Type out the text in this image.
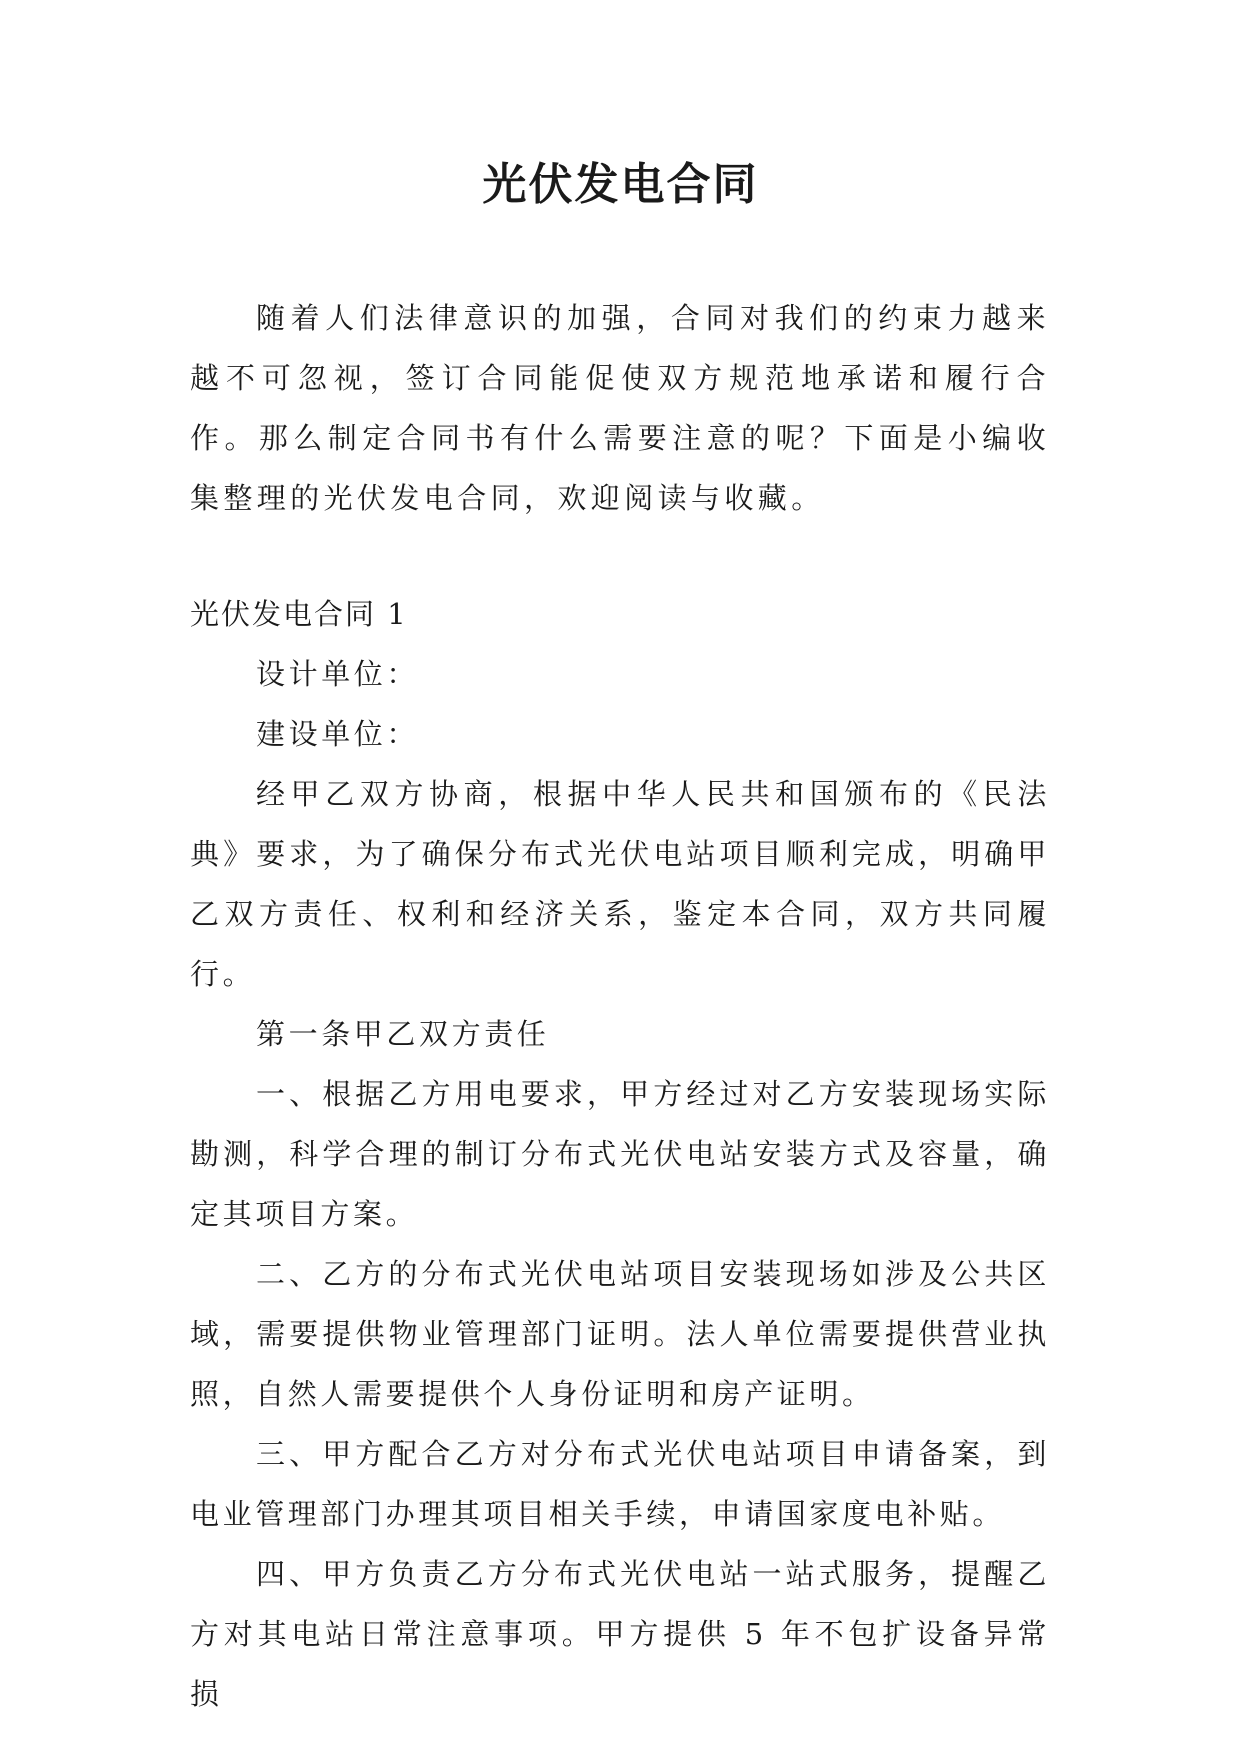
光伏发电合同

随着人们法律意识的加强，合同对我们的约束力越来越不可忽视，签订合同能促使双方规范地承诺和履行合作。那么制定合同书有什么需要注意的呢？下面是小编收集整理的光伏发电合同，欢迎阅读与收藏。

光伏发电合同 1

设计单位：

建设单位：

经甲乙双方协商，根据中华人民共和国颁布的《民法典》要求，为了确保分布式光伏电站项目顺利完成，明确甲乙双方责任、权利和经济关系，鉴定本合同，双方共同履行。

第一条甲乙双方责任

一、根据乙方用电要求，甲方经过对乙方安装现场实际勘测，科学合理的制订分布式光伏电站安装方式及容量，确定其项目方案。

二、乙方的分布式光伏电站项目安装现场如涉及公共区域，需要提供物业管理部门证明。法人单位需要提供营业执照，自然人需要提供个人身份证明和房产证明。

三、甲方配合乙方对分布式光伏电站项目申请备案，到电业管理部门办理其项目相关手续，申请国家度电补贴。

四、甲方负责乙方分布式光伏电站一站式服务，提醒乙方对其电站日常注意事项。甲方提供 5 年不包扩设备异常损
